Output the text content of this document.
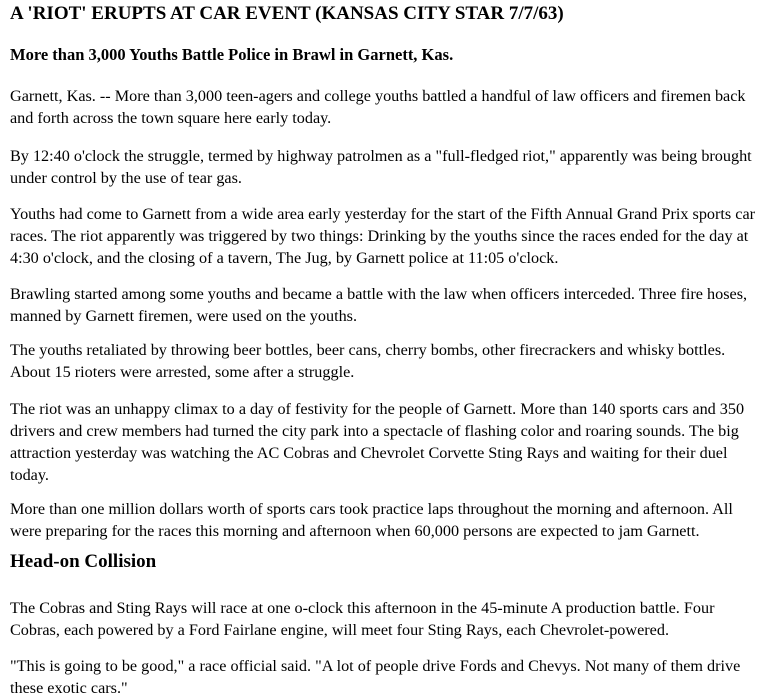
A 'RIOT' ERUPTS AT CAR EVENT (KANSAS CITY STAR 7/7/63)
More than 3,000 Youths Battle Police in Brawl in Garnett, Kas.

Garnett, Kas. -- More than 3,000 teen-agers and college youths battled a handful of law officers and firemen back and forth across the town square here early today.

By 12:40 o'clock the struggle, termed by highway patrolmen as a "full-fledged riot," apparently was being brought under control by the use of tear gas.

Youths had come to Garnett from a wide area early yesterday for the start of the Fifth Annual Grand Prix sports car races. The riot apparently was triggered by two things: Drinking by the youths since the races ended for the day at 4:30 o'clock, and the closing of a tavern, The Jug, by Garnett police at 11:05 o'clock.

Brawling started among some youths and became a battle with the law when officers interceded. Three fire hoses, manned by Garnett firemen, were used on the youths.

The youths retaliated by throwing beer bottles, beer cans, cherry bombs, other firecrackers and whisky bottles. About 15 rioters were arrested, some after a struggle.

The riot was an unhappy climax to a day of festivity for the people of Garnett. More than 140 sports cars and 350 drivers and crew members had turned the city park into a spectacle of flashing color and roaring sounds. The big attraction yesterday was watching the AC Cobras and Chevrolet Corvette Sting Rays and waiting for their duel today.

More than one million dollars worth of sports cars took practice laps throughout the morning and afternoon. All were preparing for the races this morning and afternoon when 60,000 persons are expected to jam Garnett.

Head-on Collision

The Cobras and Sting Rays will race at one o-clock this afternoon in the 45-minute A production battle. Four Cobras, each powered by a Ford Fairlane engine, will meet four Sting Rays, each Chevrolet-powered.

"This is going to be good," a race official said. "A lot of people drive Fords and Chevys. Not many of them drive these exotic cars."
